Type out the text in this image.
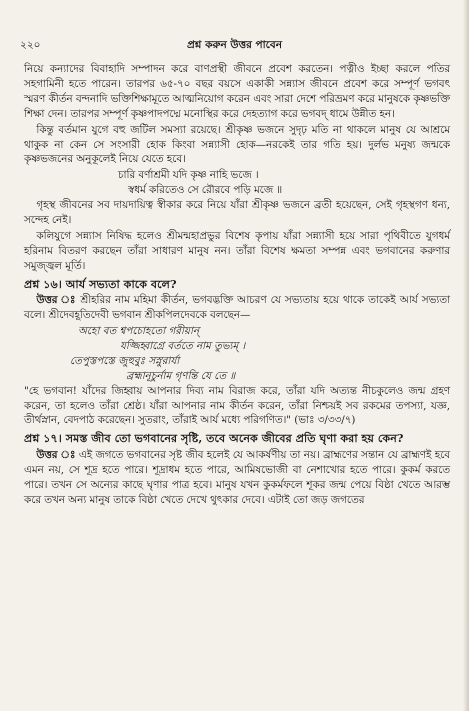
২২০	প্রশ্ন করুন উত্তর পাবেন

নিয়ে কন্যাদের বিবাহাদি সম্পাদন করে বাণপ্রস্থী জীবনে প্রবেশ করতেন। পত্নীও ইচ্ছা করলে পতির সহগামিনী হতে পারেন। তারপর ৬৫-৭০ বছর বয়সে একাকী সন্ন্যাস জীবনে প্রবেশ করে সম্পূর্ণ ভগবৎ স্মরণ কীর্তন বন্দনাদি ভক্তিশিক্ষামূতে আত্মনিয়োগ করেন এবং সারা দেশে পরিভ্রমণ করে মানুষকে কৃষ্ণভক্তি শিক্ষা দেন। তারপর সম্পূর্ণ কৃষ্ণপাদপদ্মে মনোস্থির করে দেহত্যাগ করে ভগবদ্ ধামে উন্নীত হন।

কিন্তু বর্তমান যুগে বহু জটিল সমস্যা রয়েছে। শ্রীকৃষ্ণ ভজনে সুদৃঢ় মতি না থাকলে মানুষ যে আশ্রমে থাকুক না কেন সে সংসারী হোক কিংবা সন্ন্যাসী হোক—নরকেই তার গতি হয়। দুর্লভ মনুষ্য জন্মকে কৃষ্ণভজনের অনুকূলেই নিয়ে যেতে হবে।

চারি বর্ণাশ্রমী যদি কৃষ্ণ নাহি ভজে ।

স্বধর্ম করিতেও সে রৌরবে পড়ি মজে ॥

গৃহস্থ জীবনের সব দায়দায়িত্ব স্বীকার করে নিয়ে যাঁরা শ্রীকৃষ্ণ ভজনে ব্রতী হয়েছেন, সেই গৃহস্থগণ ধন্য, সন্দেহ নেই।

কলিযুগে সন্ন্যাস নিষিদ্ধ হলেও শ্রীমন্মহাপ্রভুর বিশেষ কৃপায় যাঁরা সন্ন্যাসী হয়ে সারা পৃথিবীতে যুগধর্ম হরিনাম বিতরণ করছেন তাঁরা সাধারণ মানুষ নন। তাঁরা বিশেষ ক্ষমতা সম্পন্ন এবং ভগবানের করুণার সমুজ্জ্বল মূর্তি।

প্রশ্ন ১৬। আর্য সভ্যতা কাকে বলে?

উত্তর ঃ শ্রীহরির নাম মহিমা কীর্তন, ভগবদ্ভক্তি আচরণ যে সভ্যতায় হয়ে থাকে তাকেই আর্য সভ্যতা বলে। শ্রীদেবহূতিদেবী ভগবান শ্রীকপিলদেবকে বলছেন—

অহো বত শ্বপচোহতো গরীয়ান্

যজ্জিহ্বাগ্রে বর্ততে নাম তুভ্যম্ ।

তেপুস্তপস্তে জুহুবুঃ সস্নুরার্যা

ব্রহ্মানূচুর্নাম গৃণন্তি যে তে ॥

"হে ভগবান! যাঁদের জিহ্বায় আপনার দিব্য নাম বিরাজ করে, তাঁরা যদি অত্যন্ত নীচকুলেও জন্ম গ্রহণ করেন, তা হলেও তাঁরা শ্রেষ্ঠ। যাঁরা আপনার নাম কীর্তন করেন, তাঁরা নিশ্চয়ই সব রকমের তপস্যা, যজ্ঞ, তীর্থস্নান, বেদপাঠ করেছেন। সুতরাং, তাঁরাই আর্য মধ্যে পরিগণিত।" (ভাঃ ৩/৩৩/৭)

প্রশ্ন ১৭। সমস্ত জীব তো ভগবানের সৃষ্টি, তবে অনেক জীবের প্রতি ঘৃণা করা হয় কেন?

উত্তর ঃ এই জগতে ভগবানের সৃষ্ট জীব হলেই যে আকর্ষণীয় তা নয়। ব্রাহ্মণের সন্তান যে ব্রাহ্মণই হবে এমন নয়, সে শূদ্র হতে পারে। শূদ্রাধম হতে পারে, আমিষভোজী বা নেশাখোর হতে পারে। কুকর্ম করতে পারে। তখন সে অন্যের কাছে ঘৃণার পাত্র হবে। মানুষ যখন কুকর্মফলে শূকর জন্ম পেয়ে বিষ্ঠা খেতে আরম্ভ করে তখন অন্য মানুষ তাকে বিষ্ঠা খেতে দেখে থুৎকার দেবে। এটাই তো জড় জগতের
